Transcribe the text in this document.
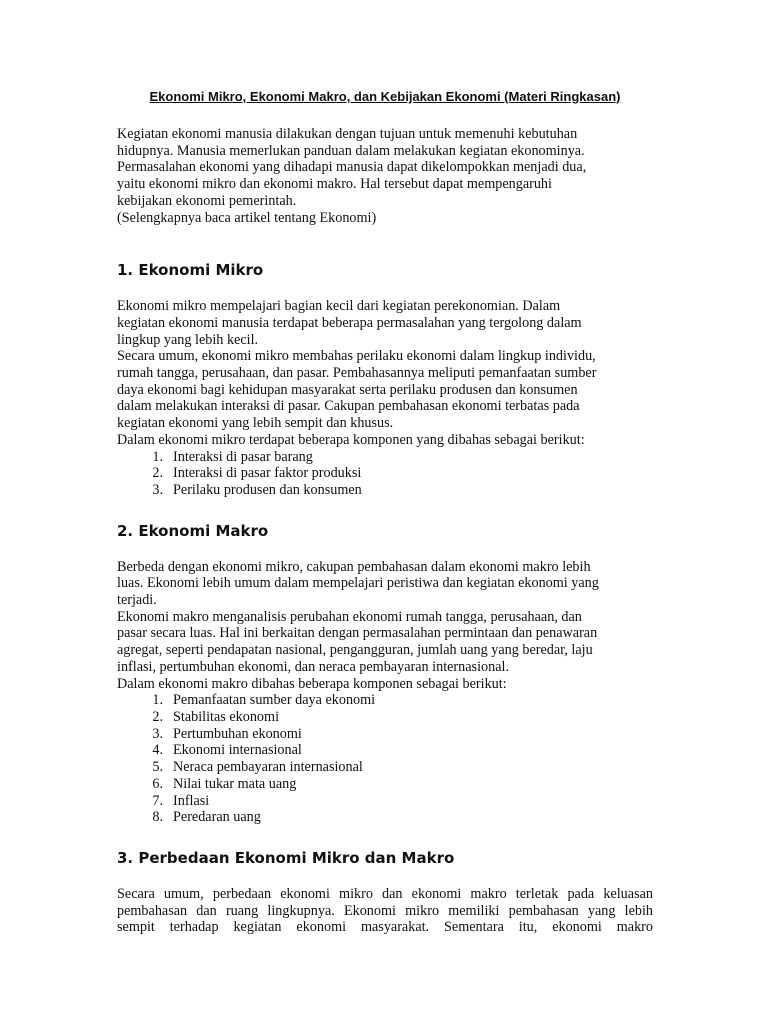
Ekonomi Mikro, Ekonomi Makro, dan Kebijakan Ekonomi (Materi Ringkasan)
Kegiatan ekonomi manusia dilakukan dengan tujuan untuk memenuhi kebutuhan
hidupnya. Manusia memerlukan panduan dalam melakukan kegiatan ekonominya.
Permasalahan ekonomi yang dihadapi manusia dapat dikelompokkan menjadi dua,
yaitu ekonomi mikro dan ekonomi makro. Hal tersebut dapat mempengaruhi
kebijakan ekonomi pemerintah.
(Selengkapnya baca artikel tentang Ekonomi)
1. Ekonomi Mikro
Ekonomi mikro mempelajari bagian kecil dari kegiatan perekonomian. Dalam
kegiatan ekonomi manusia terdapat beberapa permasalahan yang tergolong dalam
lingkup yang lebih kecil.
Secara umum, ekonomi mikro membahas perilaku ekonomi dalam lingkup individu,
rumah tangga, perusahaan, dan pasar. Pembahasannya meliputi pemanfaatan sumber
daya ekonomi bagi kehidupan masyarakat serta perilaku produsen dan konsumen
dalam melakukan interaksi di pasar. Cakupan pembahasan ekonomi terbatas pada
kegiatan ekonomi yang lebih sempit dan khusus.
Dalam ekonomi mikro terdapat beberapa komponen yang dibahas sebagai berikut:
1. Interaksi di pasar barang
2. Interaksi di pasar faktor produksi
3. Perilaku produsen dan konsumen
2. Ekonomi Makro
Berbeda dengan ekonomi mikro, cakupan pembahasan dalam ekonomi makro lebih
luas. Ekonomi lebih umum dalam mempelajari peristiwa dan kegiatan ekonomi yang
terjadi.
Ekonomi makro menganalisis perubahan ekonomi rumah tangga, perusahaan, dan
pasar secara luas. Hal ini berkaitan dengan permasalahan permintaan dan penawaran
agregat, seperti pendapatan nasional, pengangguran, jumlah uang yang beredar, laju
inflasi, pertumbuhan ekonomi, dan neraca pembayaran internasional.
Dalam ekonomi makro dibahas beberapa komponen sebagai berikut:
1. Pemanfaatan sumber daya ekonomi
2. Stabilitas ekonomi
3. Pertumbuhan ekonomi
4. Ekonomi internasional
5. Neraca pembayaran internasional
6. Nilai tukar mata uang
7. Inflasi
8. Peredaran uang
3. Perbedaan Ekonomi Mikro dan Makro
Secara umum, perbedaan ekonomi mikro dan ekonomi makro terletak pada keluasan
pembahasan dan ruang lingkupnya. Ekonomi mikro memiliki pembahasan yang lebih
sempit terhadap kegiatan ekonomi masyarakat. Sementara itu, ekonomi makro
